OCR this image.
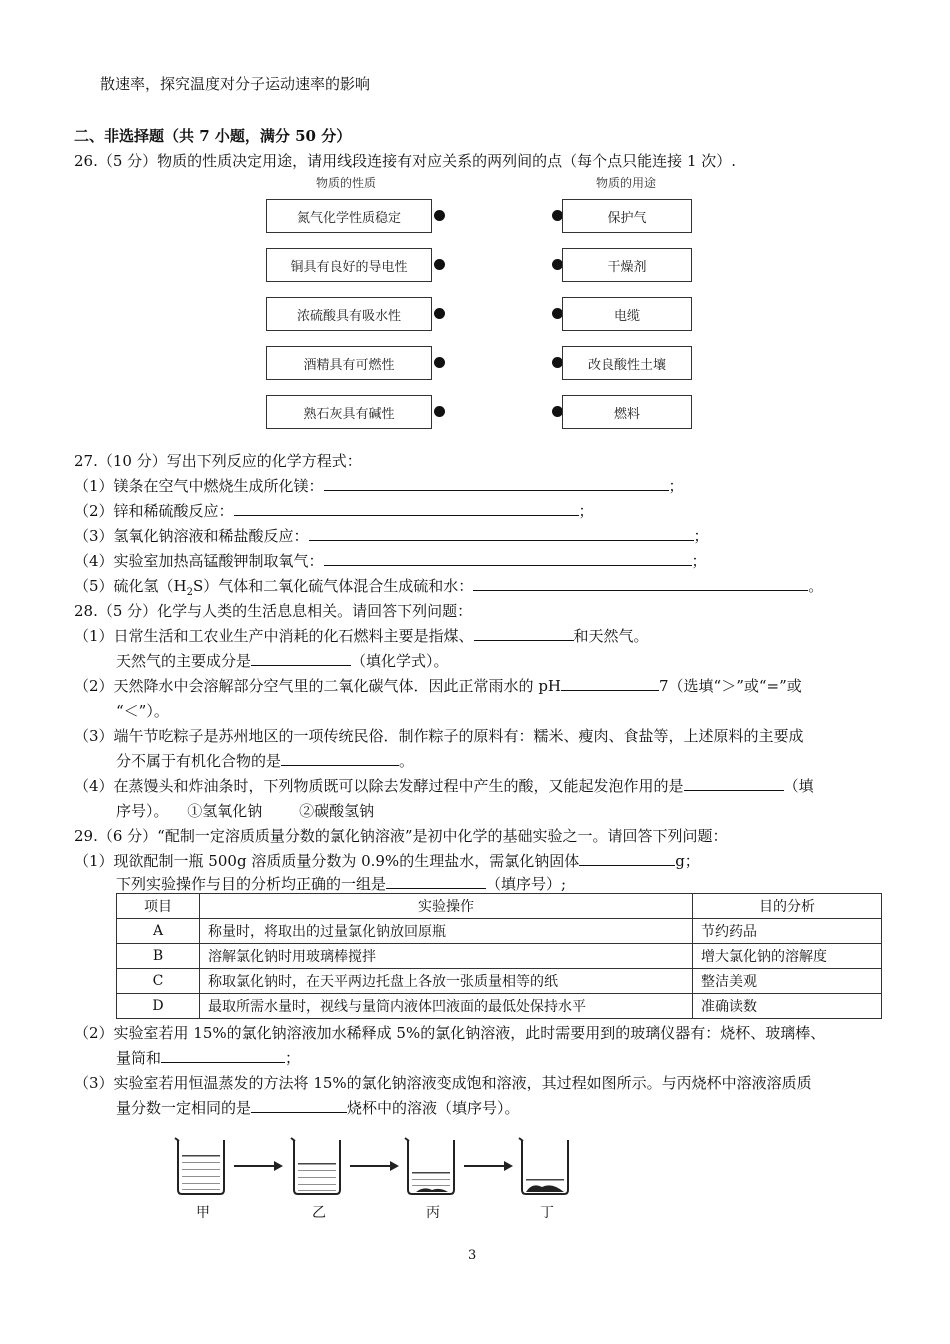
散速率，探究温度对分子运动速率的影响
二、非选择题（共 7 小题，满分 50 分）
26.（5 分）物质的性质决定用途，请用线段连接有对应关系的两列间的点（每个点只能连接 1 次）.
物质的性质	物质的用途
氮气化学性质稳定
铜具有良好的导电性
浓硫酸具有吸水性
酒精具有可燃性
熟石灰具有碱性
保护气
干燥剂
电缆
改良酸性土壤
燃料
27.（10 分）写出下列反应的化学方程式：
（1）镁条在空气中燃烧生成所化镁：	；
（2）锌和稀硫酸反应：	；
（3）氢氧化钠溶液和稀盐酸反应：	；
（4）实验室加热高锰酸钾制取氧气：	；
（5）硫化氢$(H_2S)$气体和二氧化硫气体混合生成硫和水：	。
28.（5 分）化学与人类的生活息息相关。请回答下列问题：
（1）日常生活和工农业生产中消耗的化石燃料主要是指煤、	和天然气。
天然气的主要成分是	（填化学式）。
（2）天然降水中会溶解部分空气里的二氧化碳气体．因此正常雨水的 pH	7（选填“＞”或“=”或
“＜”）。
（3）端午节吃粽子是苏州地区的一项传统民俗．制作粽子的原料有：糯米、瘦肉、食盐等，上述原料的主要成
分不属于有机化合物的是	。
（4）在蒸馒头和炸油条时，下列物质既可以除去发酵过程中产生的酸，又能起发泡作用的是	（填
序号）。 ①氢氧化钠 ②碳酸氢钠
29.（6 分）“配制一定溶质质量分数的氯化钠溶液”是初中化学的基础实验之一。请回答下列问题：
（1）现欲配制一瓶 500g 溶质质量分数为 0.9%的生理盐水，需氯化钠固体	g；
下列实验操作与目的分析均正确的一组是	（填序号）;
项目	实验操作	目的分析
A	称量时，将取出的过量氯化钠放回原瓶	节约药品
B	溶解氯化钠时用玻璃棒搅拌	增大氯化钠的溶解度
C	称取氯化钠时，在天平两边托盘上各放一张质量相等的纸	整洁美观
D	最取所需水量时，视线与量筒内液体凹液面的最低处保持水平	准确读数
（2）实验室若用 15%的氯化钠溶液加水稀释成 5%的氯化钠溶液，此时需要用到的玻璃仪器有：烧杯、玻璃棒、
量筒和	；
（3）实验室若用恒温蒸发的方法将 15%的氯化钠溶液变成饱和溶液，其过程如图所示。与丙烧杯中溶液溶质质
量分数一定相同的是	烧杯中的溶液（填序号）。
甲	乙	丙	丁
3
